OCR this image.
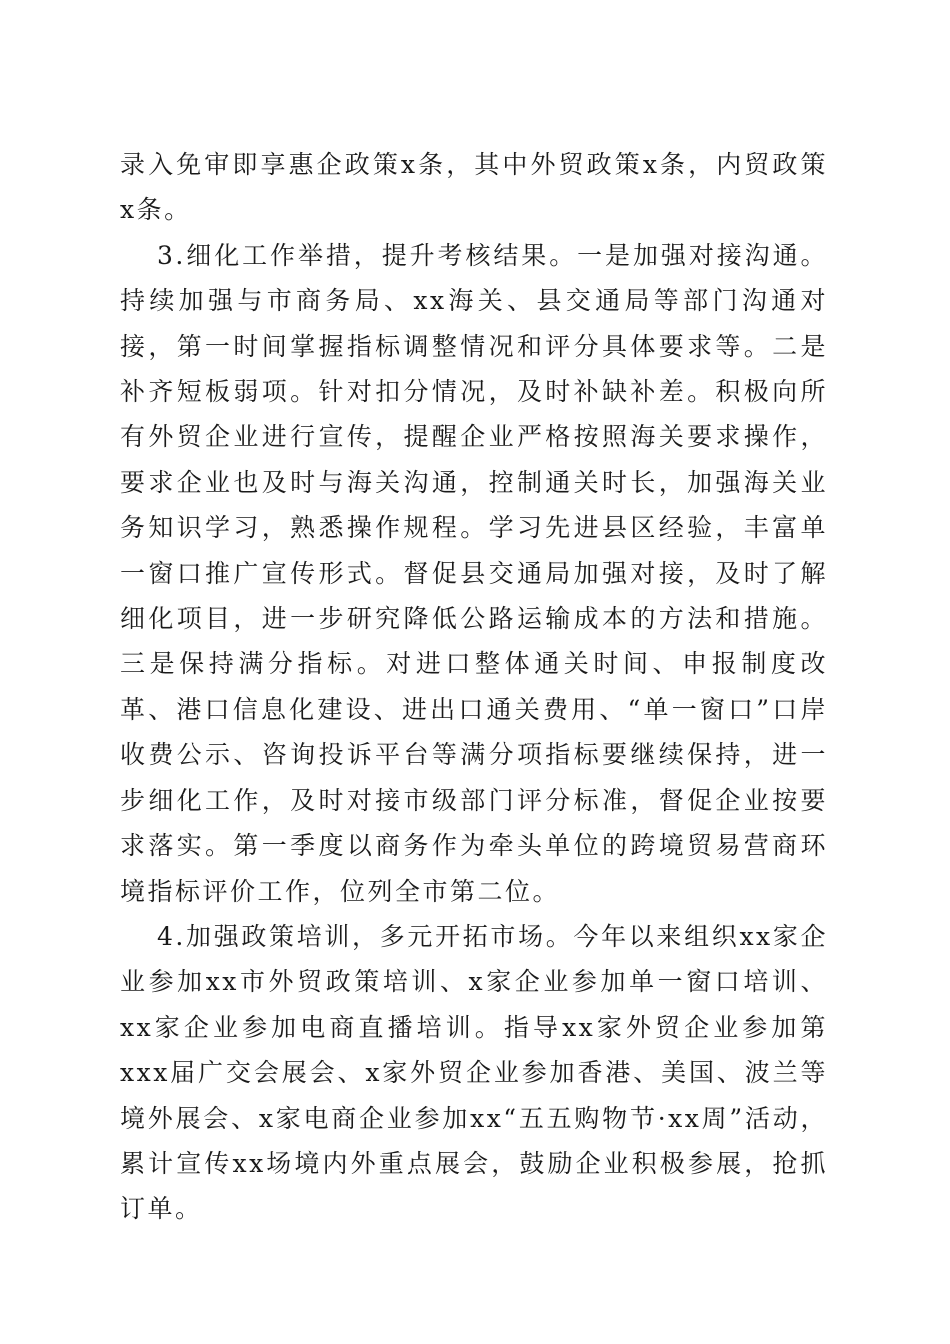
录入免审即享惠企政策x条，其中外贸政策x条，内贸政策x条。

3.细化工作举措，提升考核结果。一是加强对接沟通。持续加强与市商务局、xx海关、县交通局等部门沟通对接，第一时间掌握指标调整情况和评分具体要求等。二是补齐短板弱项。针对扣分情况，及时补缺补差。积极向所有外贸企业进行宣传，提醒企业严格按照海关要求操作，要求企业也及时与海关沟通，控制通关时长，加强海关业务知识学习，熟悉操作规程。学习先进县区经验，丰富单一窗口推广宣传形式。督促县交通局加强对接，及时了解细化项目，进一步研究降低公路运输成本的方法和措施。三是保持满分指标。对进口整体通关时间、申报制度改革、港口信息化建设、进出口通关费用、“单一窗口”口岸收费公示、咨询投诉平台等满分项指标要继续保持，进一步细化工作，及时对接市级部门评分标准，督促企业按要求落实。第一季度以商务作为牵头单位的跨境贸易营商环境指标评价工作，位列全市第二位。

4.加强政策培训，多元开拓市场。今年以来组织xx家企业参加xx市外贸政策培训、x家企业参加单一窗口培训、xx家企业参加电商直播培训。指导xx家外贸企业参加第xxx届广交会展会、x家外贸企业参加香港、美国、波兰等境外展会、x家电商企业参加xx“五五购物节·xx周”活动，累计宣传xx场境内外重点展会，鼓励企业积极参展，抢抓订单。
